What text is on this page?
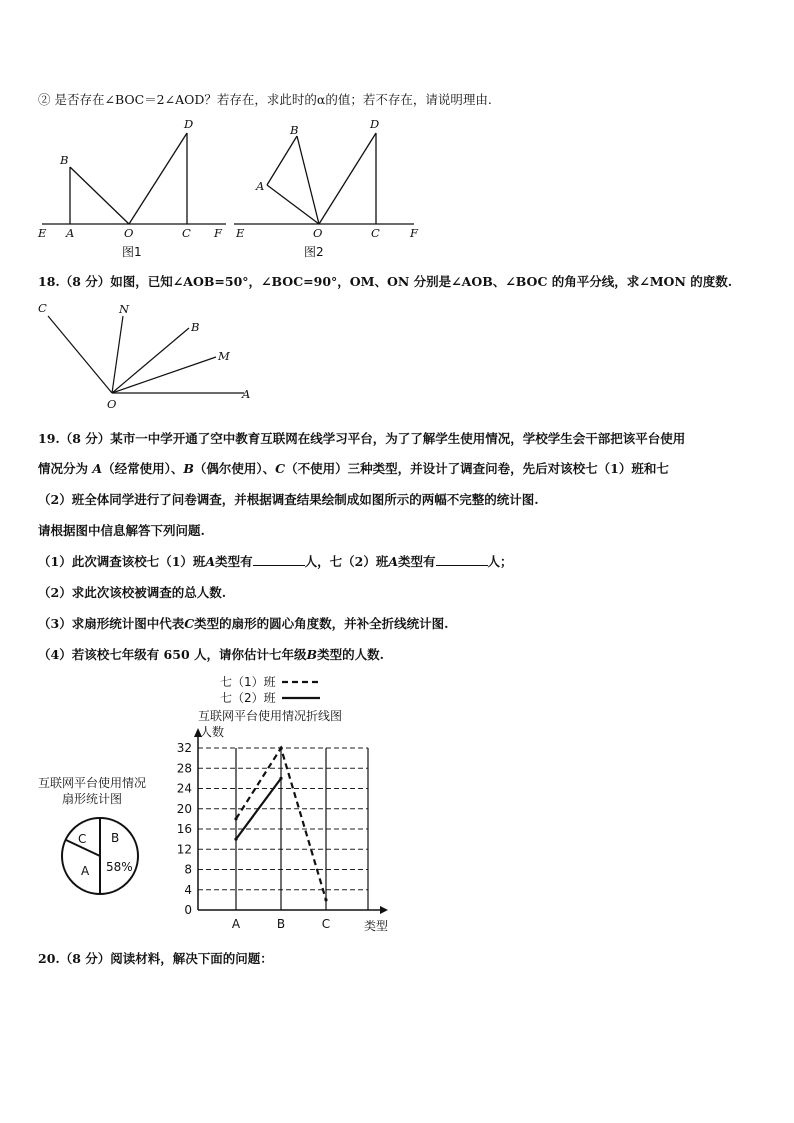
② 是否存在∠BOC＝2∠AOD？若存在，求此时的α的值；若不存在，请说明理由.
E A	O	C F
B
D
图1
E
A
O	C	F
B	D
图2
18.（8 分）如图，已知∠AOB=50°，∠BOC=90°，OM、ON 分别是∠AOB、∠BOC 的角平分线，求∠MON 的度数.
C	N
B
M
A
O
19.（8 分）某市一中学开通了空中教育互联网在线学习平台，为了了解学生使用情况，学校学生会干部把该平台使用
情况分为 A（经常使用）、B（偶尔使用）、C（不使用）三种类型，并设计了调查问卷，先后对该校七（1）班和七
（2）班全体同学进行了问卷调查，并根据调查结果绘制成如图所示的两幅不完整的统计图.
请根据图中信息解答下列问题.
（1）此次调查该校七（1）班A类型有	人，七（2）班A类型有	人；
（2）求此次该校被调查的总人数.
（3）求扇形统计图中代表C类型的扇形的圆心角度数，并补全折线统计图.
（4）若该校七年级有 650 人，请你估计七年级B类型的人数.
互联网平台使用情况
扇形统计图
C B
58%
A
七（1）班
七（2）班
互联网平台使用情况折线图
人数
类型
0
4
8
12
16
20
24
28
32
A	B	C
20.（8 分）阅读材料，解决下面的问题：
